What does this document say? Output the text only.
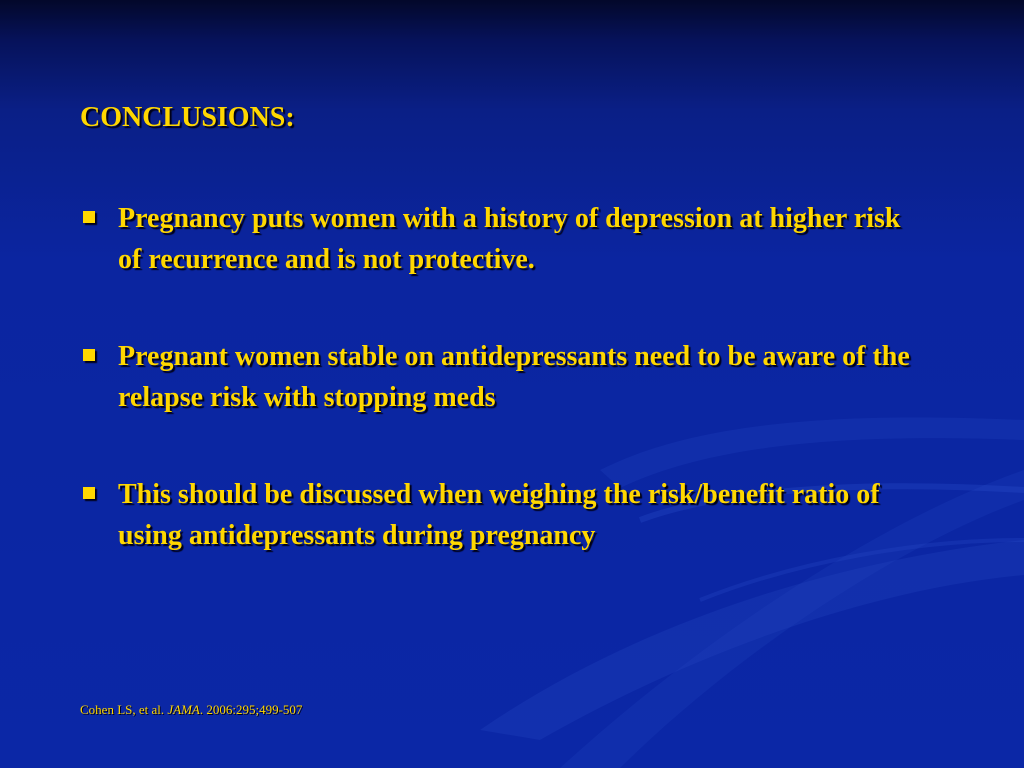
CONCLUSIONS:
Pregnancy puts women with a history of depression at higher risk of recurrence and is not protective.
Pregnant women stable on antidepressants need to be aware of the relapse risk with stopping meds
This should be discussed when weighing the risk/benefit ratio of using antidepressants during pregnancy

Cohen LS, et al. JAMA. 2006:295;499-507
